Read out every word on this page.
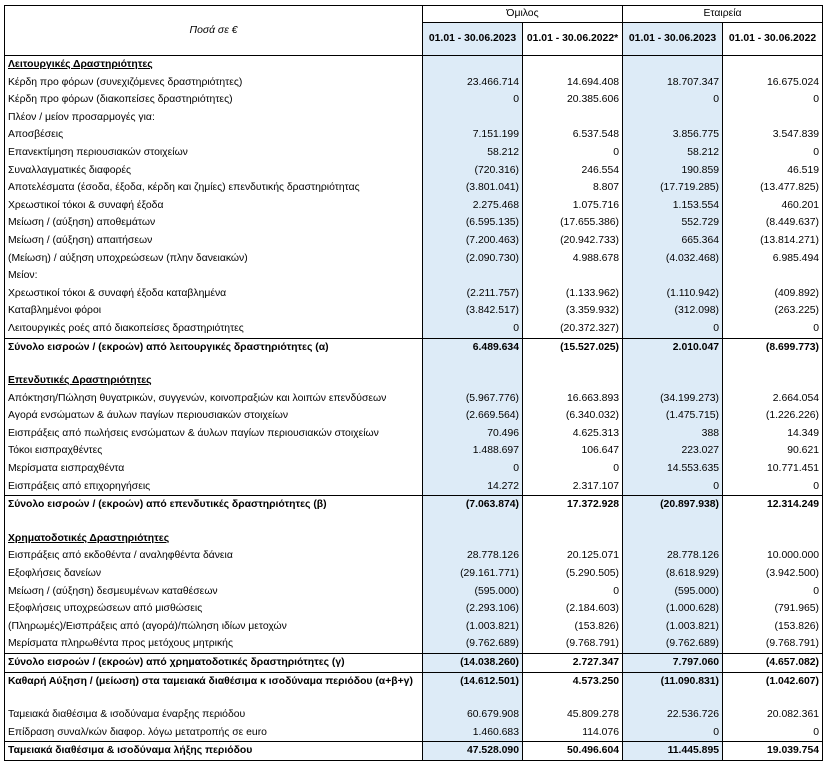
Ποσά σε €	Όμιλος		Εταιρεία	
	01.01 - 30.06.2023	01.01 - 30.06.2022*	01.01 - 30.06.2023	01.01 - 30.06.2022
Λειτουργικές Δραστηριότητες				
Κέρδη προ φόρων (συνεχιζόμενες δραστηριότητες)	23.466.714	14.694.408	18.707.347	16.675.024
Κέρδη προ φόρων (διακοπείσες δραστηριότητες)	0	20.385.606	0	0
Πλέον / μείον προσαρμογές για:				
Αποσβέσεις	7.151.199	6.537.548	3.856.775	3.547.839
Επανεκτίμηση περιουσιακών στοιχείων	58.212	0	58.212	0
Συναλλαγματικές διαφορές	(720.316)	246.554	190.859	46.519
Αποτελέσματα (έσοδα, έξοδα, κέρδη και ζημίες) επενδυτικής δραστηριότητας	(3.801.041)	8.807	(17.719.285)	(13.477.825)
Χρεωστικοί τόκοι & συναφή έξοδα	2.275.468	1.075.716	1.153.554	460.201
Μείωση / (αύξηση) αποθεμάτων	(6.595.135)	(17.655.386)	552.729	(8.449.637)
Μείωση / (αύξηση) απαιτήσεων	(7.200.463)	(20.942.733)	665.364	(13.814.271)
(Μείωση) / αύξηση υποχρεώσεων (πλην δανειακών)	(2.090.730)	4.988.678	(4.032.468)	6.985.494
Μείον:				
Χρεωστικοί τόκοι & συναφή έξοδα καταβλημένα	(2.211.757)	(1.133.962)	(1.110.942)	(409.892)
Καταβλημένοι φόροι	(3.842.517)	(3.359.932)	(312.098)	(263.225)
Λειτουργικές ροές από διακοπείσες δραστηριότητες	0	(20.372.327)	0	0
Σύνολο εισροών / (εκροών) από λειτουργικές δραστηριότητες (α)	6.489.634	(15.527.025)	2.010.047	(8.699.773)

Επενδυτικές Δραστηριότητες				
Απόκτηση/Πώληση θυγατρικών, συγγενών, κοινοπραξιών και λοιπών επενδύσεων	(5.967.776)	16.663.893	(34.199.273)	2.664.054
Αγορά ενσώματων & άυλων παγίων περιουσιακών στοιχείων	(2.669.564)	(6.340.032)	(1.475.715)	(1.226.226)
Εισπράξεις από πωλήσεις ενσώματων & άυλων παγίων περιουσιακών στοιχείων	70.496	4.625.313	388	14.349
Τόκοι εισπραχθέντες	1.488.697	106.647	223.027	90.621
Μερίσματα εισπραχθέντα	0	0	14.553.635	10.771.451
Εισπράξεις από επιχορηγήσεις	14.272	2.317.107	0	0
Σύνολο εισροών / (εκροών) από επενδυτικές δραστηριότητες (β)	(7.063.874)	17.372.928	(20.897.938)	12.314.249

Χρηματοδοτικές Δραστηριότητες				
Εισπράξεις από εκδοθέντα / αναληφθέντα δάνεια	28.778.126	20.125.071	28.778.126	10.000.000
Εξοφλήσεις δανείων	(29.161.771)	(5.290.505)	(8.618.929)	(3.942.500)
Μείωση / (αύξηση) δεσμευμένων καταθέσεων	(595.000)	0	(595.000)	0
Εξοφλήσεις υποχρεώσεων από μισθώσεις	(2.293.106)	(2.184.603)	(1.000.628)	(791.965)
(Πληρωμές)/Εισπράξεις από (αγορά)/πώληση ιδίων μετοχών	(1.003.821)	(153.826)	(1.003.821)	(153.826)
Μερίσματα πληρωθέντα προς μετόχους μητρικής	(9.762.689)	(9.768.791)	(9.762.689)	(9.768.791)
Σύνολο εισροών / (εκροών) από χρηματοδοτικές δραστηριότητες (γ)	(14.038.260)	2.727.347	7.797.060	(4.657.082)
Καθαρή Αύξηση / (μείωση) στα ταμειακά διαθέσιμα κ ισοδύναμα περιόδου (α+β+γ)	(14.612.501)	4.573.250	(11.090.831)	(1.042.607)

Ταμειακά διαθέσιμα & ισοδύναμα έναρξης περιόδου	60.679.908	45.809.278	22.536.726	20.082.361
Επίδραση συναλ/κών διαφορ. λόγω μετατροπής σε euro	1.460.683	114.076	0	0
Ταμειακά διαθέσιμα & ισοδύναμα λήξης περιόδου	47.528.090	50.496.604	11.445.895	19.039.754
